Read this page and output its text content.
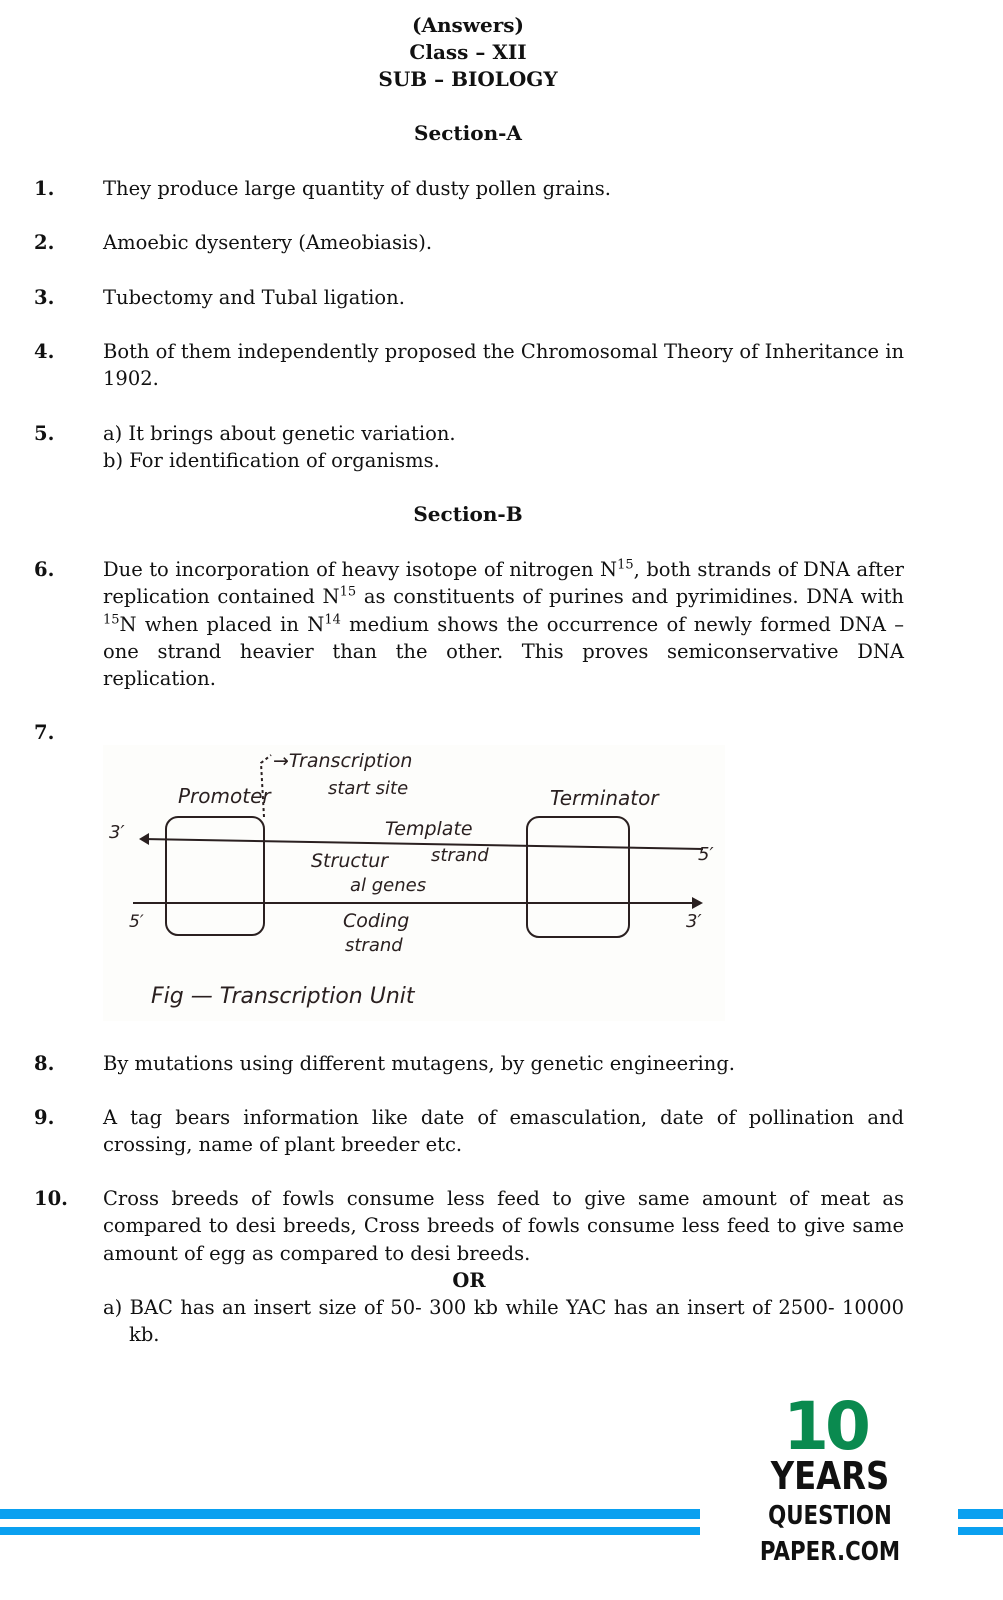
(Answers)
Class – XII
SUB – BIOLOGY
Section-A
1. They produce large quantity of dusty pollen grains.
2. Amoebic dysentery (Ameobiasis).
3. Tubectomy and Tubal ligation.
4. Both of them independently proposed the Chromosomal Theory of Inheritance in 1902.
5. a) It brings about genetic variation.
b) For identification of organisms.
Section-B
6. Due to incorporation of heavy isotope of nitrogen $N^{15}$, both strands of DNA after replication contained $N^{15}$ as constituents of purines and pyrimidines. DNA with $^{15}$N when placed in $N^{14}$ medium shows the occurrence of newly formed DNA – one strand heavier than the other. This proves semiconservative DNA replication.
7.
→Transcription
start site
Promoter	Terminator
3′
5′
5′	3′
Template
strand
Structur
al genes
Coding
strand
Fig — Transcription Unit
8. By mutations using different mutagens, by genetic engineering.
9. A tag bears information like date of emasculation, date of pollination and crossing, name of plant breeder etc.
10. Cross breeds of fowls consume less feed to give same amount of meat as compared to desi breeds, Cross breeds of fowls consume less feed to give same amount of egg as compared to desi breeds.
OR
a) BAC has an insert size of 50- 300 kb while YAC has an insert of 2500- 10000 kb.
10
YEARS
QUESTION PAPER.COM
